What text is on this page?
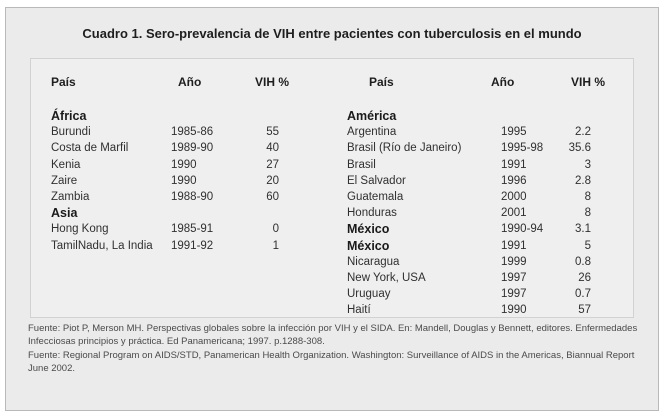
Cuadro 1. Sero-prevalencia de VIH entre pacientes con tuberculosis en el mundo
País	Año	VIH %	País	Año	VIH %
África
Burundi	1985-86	55
Costa de Marfil	1989-90	40
Kenia	1990	27
Zaire	1990	20
Zambia	1988-90	60
Asia
Hong Kong	1985-91	0
TamilNadu, La India 1991-92	1
América
Argentina	1995	2.2
Brasil (Río de Janeiro)	1995-98	35.6
Brasil	1991	3
El Salvador	1996	2.8
Guatemala	2000	8
Honduras	2001	8
México	1990-94	3.1
México	1991	5
Nicaragua	1999	0.8
New York, USA	1997	26
Uruguay	1997	0.7
Haití	1990	57
Fuente: Piot P, Merson MH. Perspectivas globales sobre la infección por VIH y el SIDA. En: Mandell, Douglas y Bennett, editores. Enfermedades Infecciosas principios y práctica. Ed Panamericana; 1997. p.1288-308.
Fuente: Regional Program on AIDS/STD, Panamerican Health Organization. Washington: Surveillance of AIDS in the Americas, Biannual Report June 2002.
